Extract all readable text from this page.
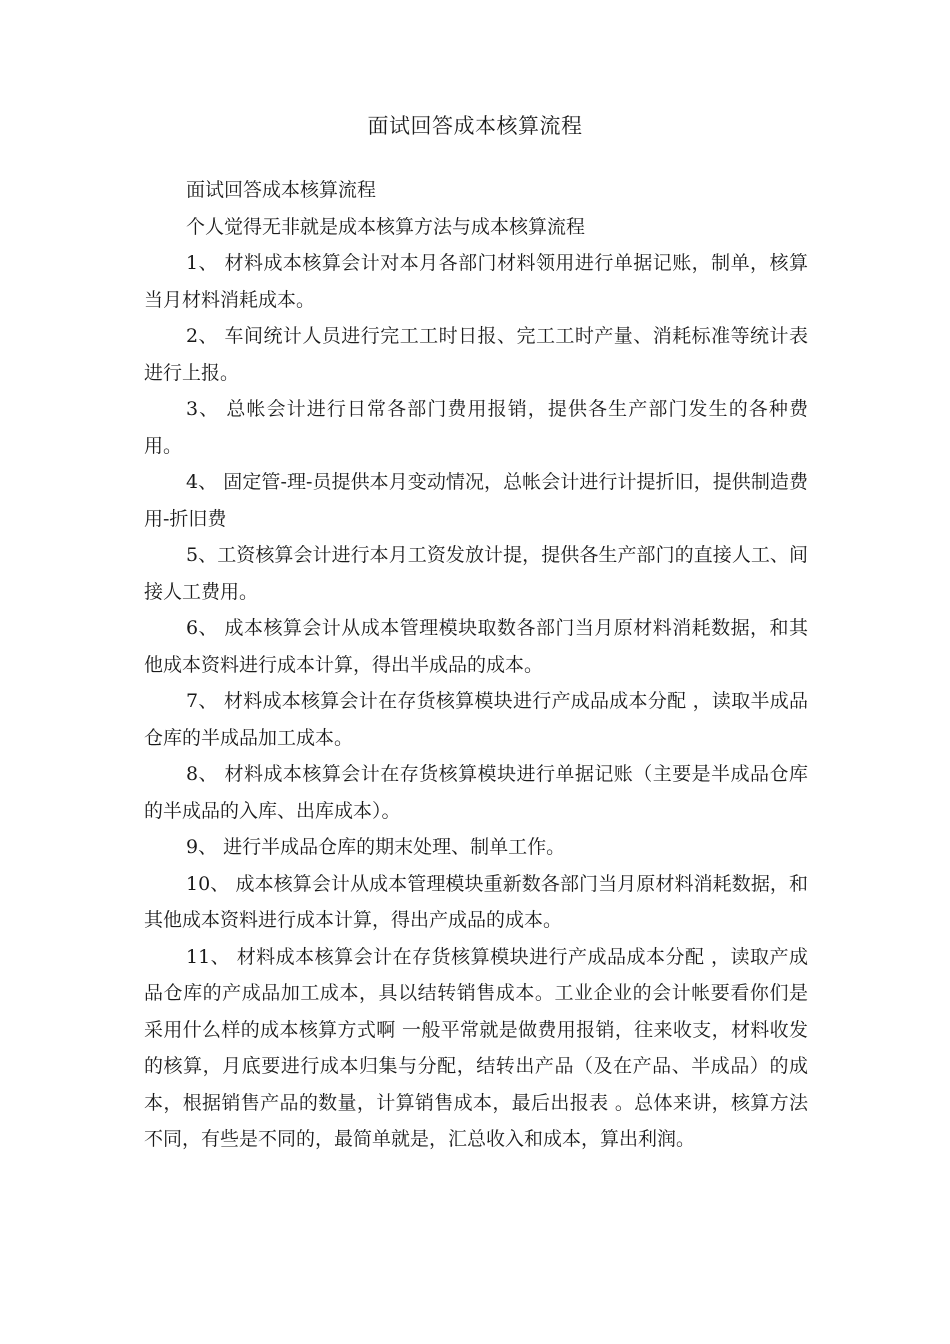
面试回答成本核算流程

面试回答成本核算流程

个人觉得无非就是成本核算方法与成本核算流程

1、 材料成本核算会计对本月各部门材料领用进行单据记账，制单，核算当月材料消耗成本。

2、 车间统计人员进行完工工时日报、完工工时产量、消耗标准等统计表进行上报。

3、 总帐会计进行日常各部门费用报销，提供各生产部门发生的各种费用。

4、 固定管-理-员提供本月变动情况，总帐会计进行计提折旧，提供制造费用-折旧费

5、工资核算会计进行本月工资发放计提，提供各生产部门的直接人工、间接人工费用。

6、 成本核算会计从成本管理模块取数各部门当月原材料消耗数据，和其他成本资料进行成本计算，得出半成品的成本。

7、 材料成本核算会计在存货核算模块进行产成品成本分配 ，读取半成品仓库的半成品加工成本。

8、 材料成本核算会计在存货核算模块进行单据记账（主要是半成品仓库的半成品的入库、出库成本）。

9、 进行半成品仓库的期末处理、制单工作。

10、 成本核算会计从成本管理模块重新数各部门当月原材料消耗数据，和其他成本资料进行成本计算，得出产成品的成本。

11、 材料成本核算会计在存货核算模块进行产成品成本分配 ，读取产成品仓库的产成品加工成本，具以结转销售成本。工业企业的会计帐要看你们是采用什么样的成本核算方式啊 一般平常就是做费用报销，往来收支，材料收发的核算，月底要进行成本归集与分配，结转出产品（及在产品、半成品）的成本，根据销售产品的数量，计算销售成本，最后出报表 。总体来讲，核算方法不同，有些是不同的，最简单就是，汇总收入和成本，算出利润。
